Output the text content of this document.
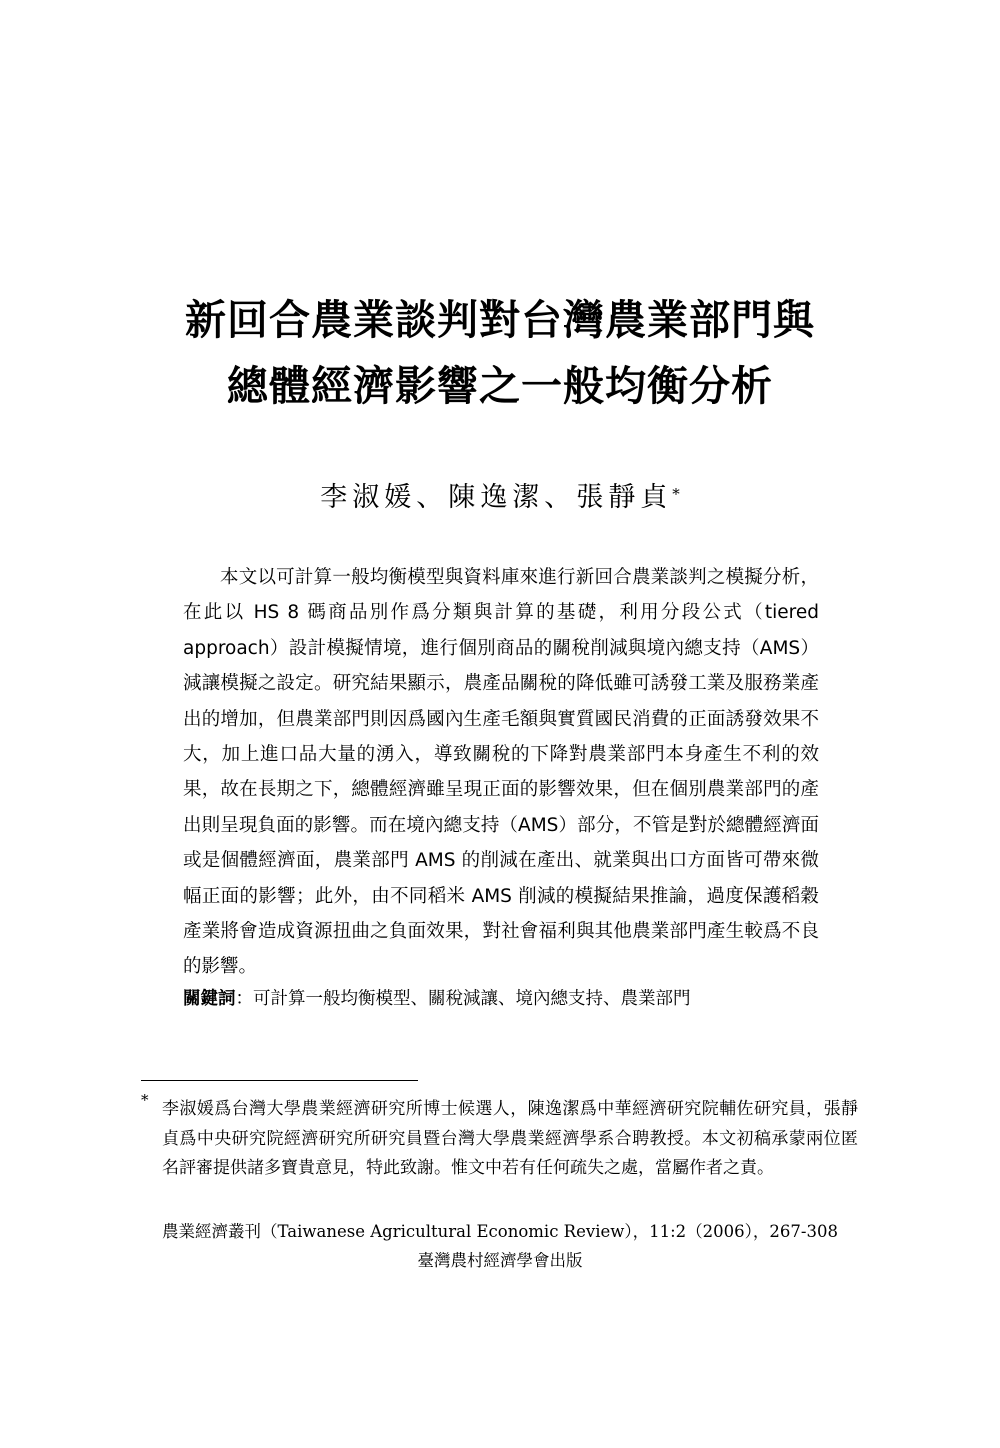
新回合農業談判對台灣農業部門與
總體經濟影響之一般均衡分析
李淑媛、陳逸潔、張靜貞*

本文以可計算一般均衡模型與資料庫來進行新回合農業談判之模擬分析，在此以 HS 8 碼商品別作爲分類與計算的基礎，利用分段公式（tiered approach）設計模擬情境，進行個別商品的關稅削減與境內總支持（AMS）減讓模擬之設定。研究結果顯示，農產品關稅的降低雖可誘發工業及服務業產出的增加，但農業部門則因爲國內生產毛額與實質國民消費的正面誘發效果不大，加上進口品大量的湧入，導致關稅的下降對農業部門本身產生不利的效果，故在長期之下，總體經濟雖呈現正面的影響效果，但在個別農業部門的產出則呈現負面的影響。而在境內總支持（AMS）部分，不管是對於總體經濟面或是個體經濟面，農業部門 AMS 的削減在產出、就業與出口方面皆可帶來微幅正面的影響；此外，由不同稻米 AMS 削減的模擬結果推論，過度保護稻穀產業將會造成資源扭曲之負面效果，對社會福利與其他農業部門產生較爲不良的影響。

關鍵詞：可計算一般均衡模型、關稅減讓、境內總支持、農業部門
* 李淑媛爲台灣大學農業經濟研究所博士候選人，陳逸潔爲中華經濟研究院輔佐研究員，張靜貞爲中央研究院經濟研究所研究員暨台灣大學農業經濟學系合聘教授。本文初稿承蒙兩位匿名評審提供諸多寶貴意見，特此致謝。惟文中若有任何疏失之處，當屬作者之責。

農業經濟叢刊（Taiwanese Agricultural Economic Review），11:2（2006），267-308
臺灣農村經濟學會出版
